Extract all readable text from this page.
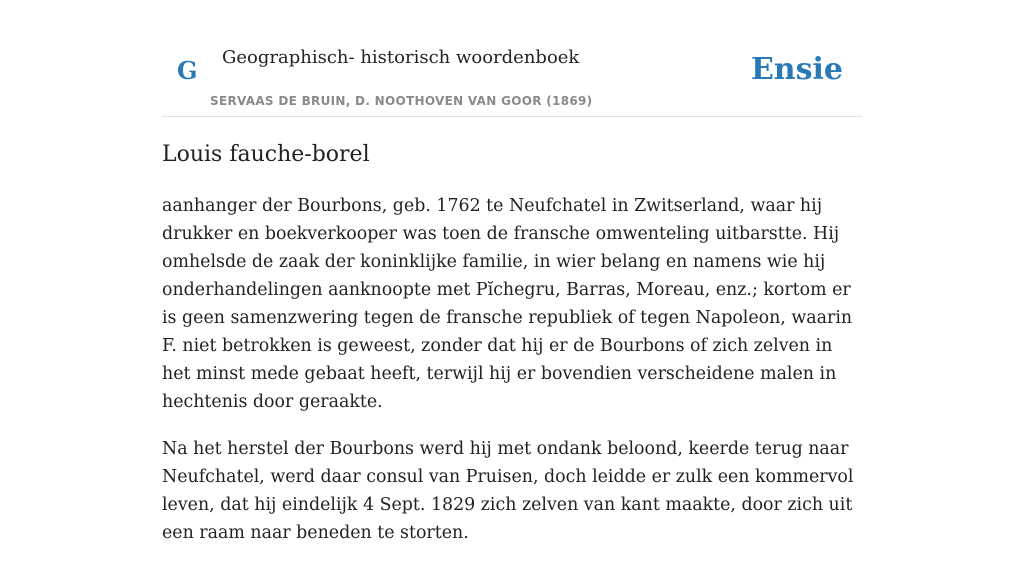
G Geographisch- historisch woordenboek
SERVAAS DE BRUIN, D. NOOTHOVEN VAN GOOR (1869)
Ensie
Louis fauche-borel

aanhanger der Bourbons, geb. 1762 te Neufchatel in Zwitserland, waar hij drukker en boekverkooper was toen de fransche omwenteling uitbarstte. Hij omhelsde de zaak der koninklijke familie, in wier belang en namens wie hij onderhandelingen aanknoopte met Pĭchegru, Barras, Moreau, enz.; kortom er is geen samenzwering tegen de fransche republiek of tegen Napoleon, waarin F. niet betrokken is geweest, zonder dat hij er de Bourbons of zich zelven in het minst mede gebaat heeft, terwijl hij er bovendien verscheidene malen in hechtenis door geraakte.

Na het herstel der Bourbons werd hij met ondank beloond, keerde terug naar Neufchatel, werd daar consul van Pruisen, doch leidde er zulk een kommervol leven, dat hij eindelijk 4 Sept. 1829 zich zelven van kant maakte, door zich uit een raam naar beneden te storten.
